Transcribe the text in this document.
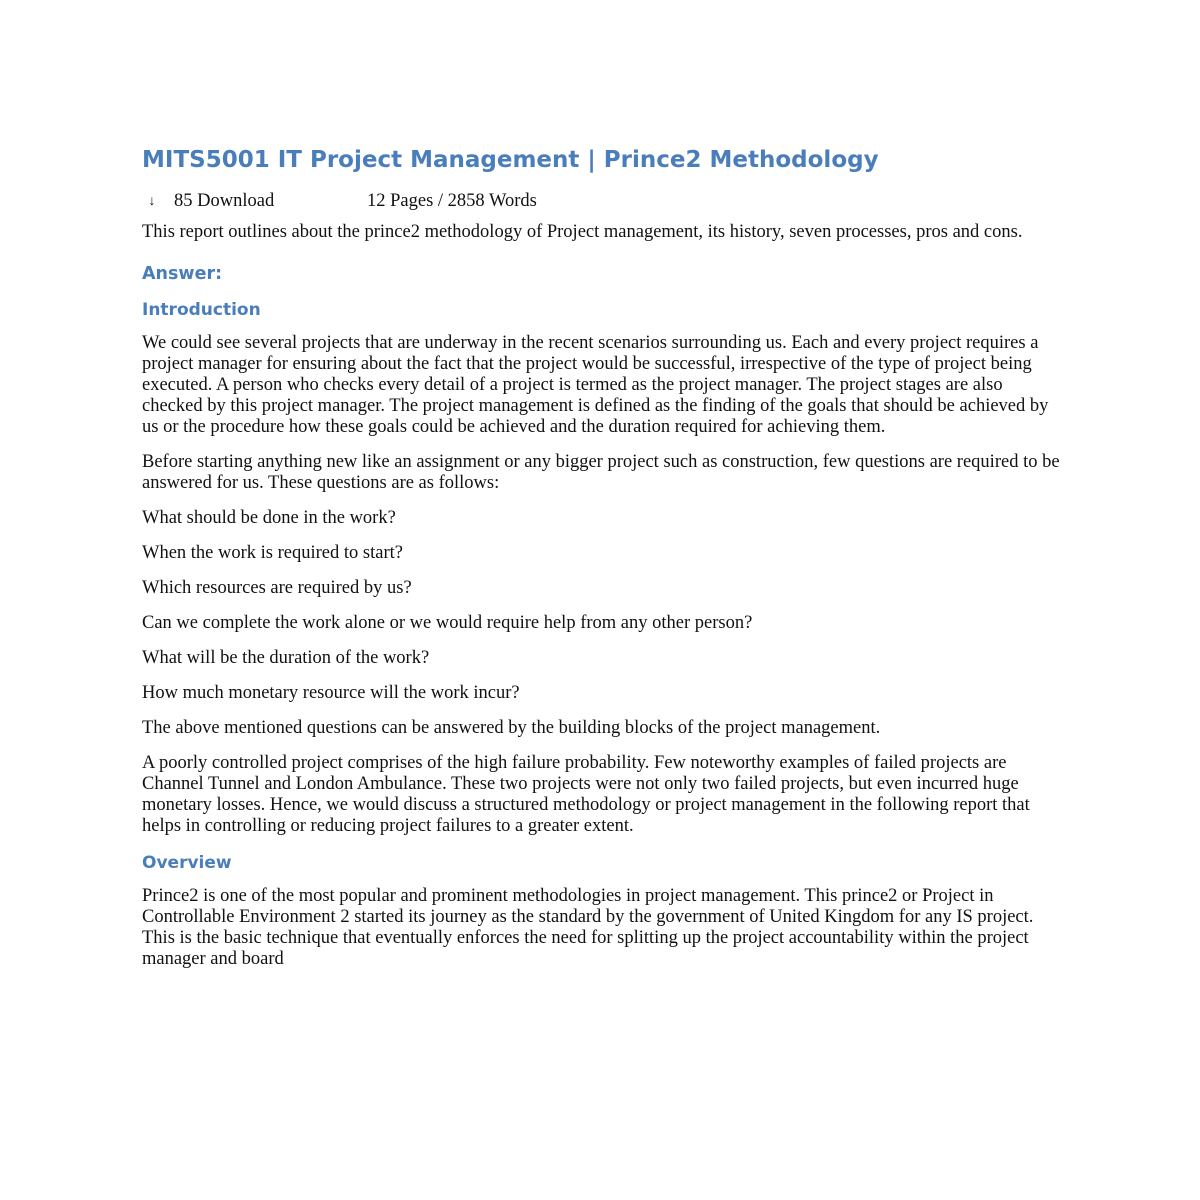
MITS5001 IT Project Management | Prince2 Methodology
↓ 85 Download	12 Pages / 2858 Words

This report outlines about the prince2 methodology of Project management, its history, seven processes, pros and cons.

Answer:
Introduction

We could see several projects that are underway in the recent scenarios surrounding us. Each and every project requires a project manager for ensuring about the fact that the project would be successful, irrespective of the type of project being executed. A person who checks every detail of a project is termed as the project manager. The project stages are also checked by this project manager. The project management is defined as the finding of the goals that should be achieved by us or the procedure how these goals could be achieved and the duration required for achieving them.

Before starting anything new like an assignment or any bigger project such as construction, few questions are required to be answered for us. These questions are as follows:

What should be done in the work?
When the work is required to start?
Which resources are required by us?
Can we complete the work alone or we would require help from any other person?
What will be the duration of the work?
How much monetary resource will the work incur?

The above mentioned questions can be answered by the building blocks of the project management.

A poorly controlled project comprises of the high failure probability. Few noteworthy examples of failed projects are Channel Tunnel and London Ambulance. These two projects were not only two failed projects, but even incurred huge monetary losses. Hence, we would discuss a structured methodology or project management in the following report that helps in controlling or reducing project failures to a greater extent.

Overview

Prince2 is one of the most popular and prominent methodologies in project management. This prince2 or Project in Controllable Environment 2 started its journey as the standard by the government of United Kingdom for any IS project. This is the basic technique that eventually enforces the need for splitting up the project accountability within the project manager and board
